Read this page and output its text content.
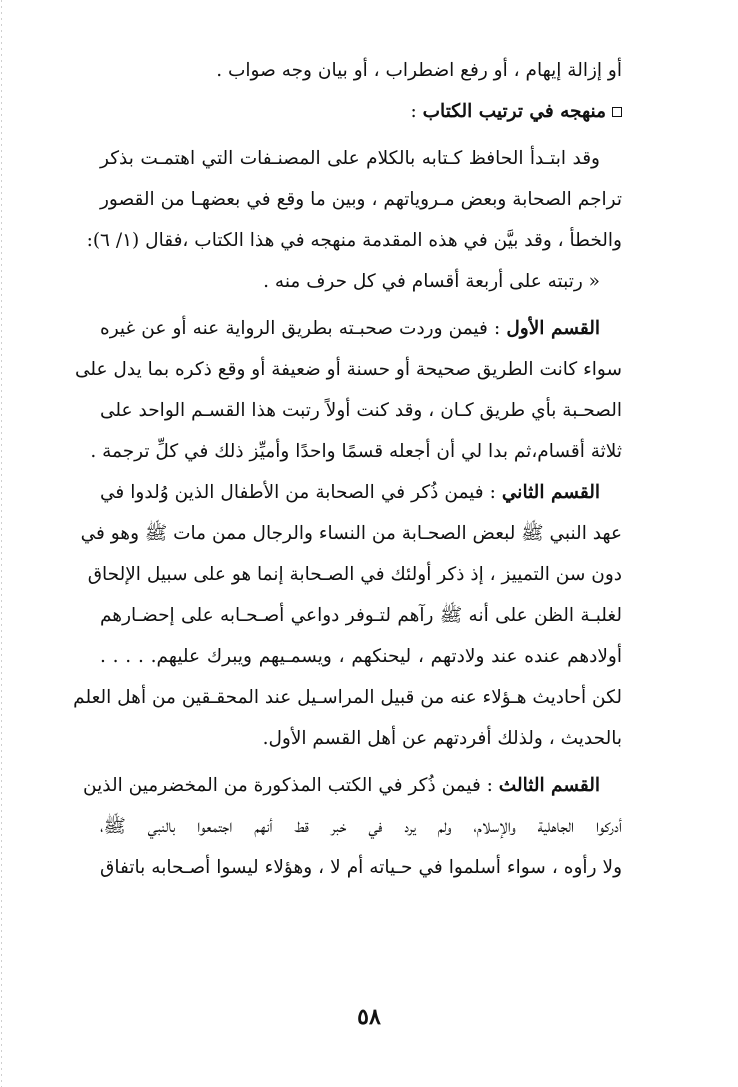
أو إزالة إيهام ، أو رفع اضطراب ، أو بيان وجه صواب .
منهجه في ترتيب الكتاب :
وقد ابتـدأ الحافظ كـتابه بالكلام على المصنـفات التي اهتمـت بذكر
تراجم الصحابة وبعض مـروياتهم ، وبين ما وقع في بعضهـا من القصور
والخطأ ، وقد بيَّن في هذه المقدمة منهجه في هذا الكتاب ،فقال (١/ ٦):
« رتبته على أربعة أقسام في كل حرف منه .
القسم الأول : فيمن وردت صحبـته بطريق الرواية عنه أو عن غيره
سواء كانت الطريق صحيحة أو حسنة أو ضعيفة أو وقع ذكره بما يدل على
الصحـبة بأي طريق كـان ، وقد كنت أولاً رتبت هذا القسـم الواحد على
ثلاثة أقسام،ثم بدا لي أن أجعله قسمًا واحدًا وأميِّز ذلك في كلِّ ترجمة .
القسم الثاني : فيمن ذُكر في الصحابة من الأطفال الذين وُلدوا في
عهد النبي ﷺ لبعض الصحـابة من النساء والرجال ممن مات ﷺ وهو في
دون سن التمييز ، إذ ذكر أولئك في الصـحابة إنما هو على سبيل الإلحاق
لغلبـة الظن على أنه ﷺ رآهم لتـوفر دواعي أصـحـابه على إحضـارهم
أولادهم عنده عند ولادتهم ، ليحنكهم ، ويسمـيهم ويبرك عليهم. . . . .
لكن أحاديث هـؤلاء عنه من قبيل المراسـيل عند المحقـقين من أهل العلم
بالحديث ، ولذلك أفردتهم عن أهل القسم الأول.
القسم الثالث : فيمن ذُكر في الكتب المذكورة من المخضرمين الذين
أدركوا الجاهلية والإسلام، ولم يرد في خبر قط أنهم اجتمعوا بالنبي ﷺ،
ولا رأوه ، سواء أسلموا في حـياته أم لا ، وهؤلاء ليسوا أصـحابه باتفاق
٥٨
